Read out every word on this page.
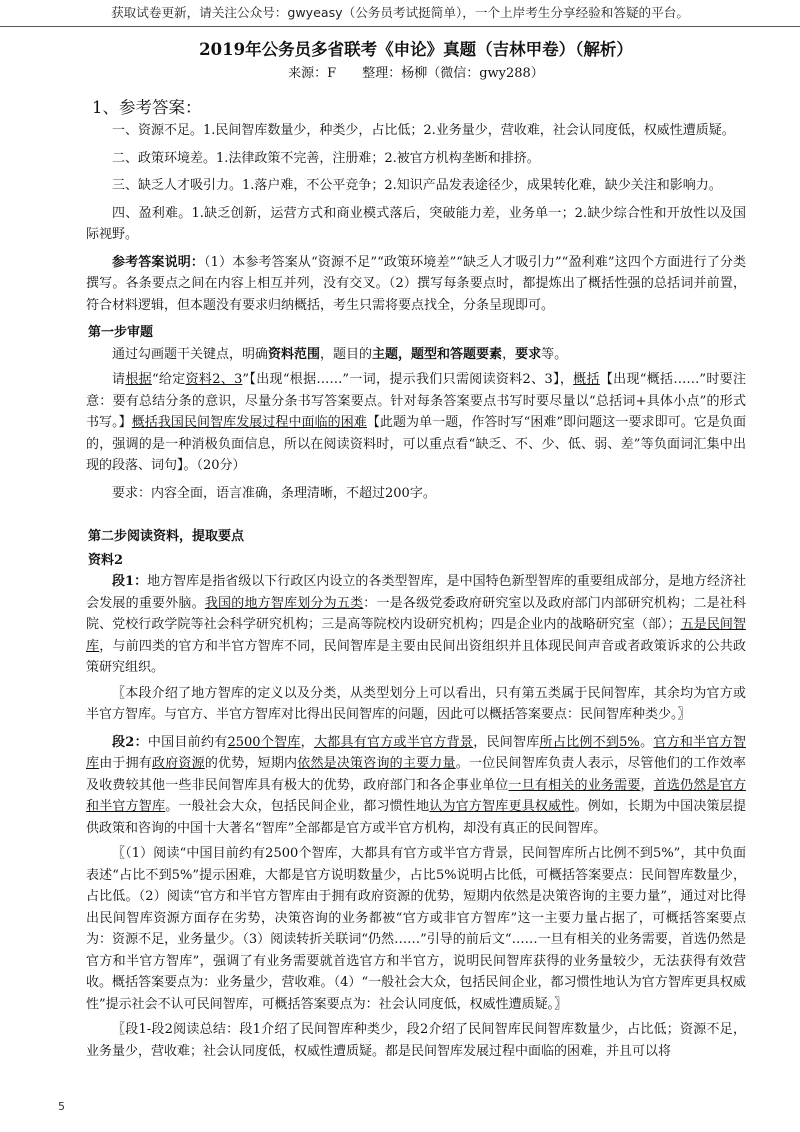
获取试卷更新，请关注公众号：gwyeasy（公务员考试挺简单），一个上岸考生分享经验和答疑的平台。
2019年公务员多省联考《申论》真题（吉林甲卷）（解析）
来源：F　　整理：杨柳（微信：gwy288）
1、参考答案：

一、资源不足。1.民间智库数量少，种类少，占比低；2.业务量少，营收难，社会认同度低，权威性遭质疑。

二、政策环境差。1.法律政策不完善，注册难；2.被官方机构垄断和排挤。

三、缺乏人才吸引力。1.落户难，不公平竞争；2.知识产品发表途径少，成果转化难，缺少关注和影响力。

四、盈利难。1.缺乏创新，运营方式和商业模式落后，突破能力差，业务单一；2.缺少综合性和开放性以及国际视野。

参考答案说明：（1）本参考答案从“资源不足”“政策环境差”“缺乏人才吸引力”“盈利难”这四个方面进行了分类撰写。各条要点之间在内容上相互并列，没有交叉。（2）撰写每条要点时，都提炼出了概括性强的总括词并前置，符合材料逻辑，但本题没有要求归纳概括，考生只需将要点找全，分条呈现即可。

第一步审题

通过勾画题干关键点，明确资料范围，题目的主题，题型和答题要素，要求等。

请根据“给定资料2、3”【出现“根据……”一词，提示我们只需阅读资料2、3】，概括【出现“概括……”时要注意：要有总结分条的意识，尽量分条书写答案要点。针对每条答案要点书写时要尽量以“总括词+具体小点”的形式书写。】概括我国民间智库发展过程中面临的困难【此题为单一题，作答时写“困难”即问题这一要求即可。它是负面的，强调的是一种消极负面信息，所以在阅读资料时，可以重点看“缺乏、不、少、低、弱、差”等负面词汇集中出现的段落、词句】。（20分）

要求：内容全面，语言准确，条理清晰，不超过200字。

第二步阅读资料，提取要点
资料2

段1：地方智库是指省级以下行政区内设立的各类型智库，是中国特色新型智库的重要组成部分，是地方经济社会发展的重要外脑。我国的地方智库划分为五类：一是各级党委政府研究室以及政府部门内部研究机构；二是社科院、党校行政学院等社会科学研究机构；三是高等院校内设研究机构；四是企业内的战略研究室（部）；五是民间智库，与前四类的官方和半官方智库不同，民间智库是主要由民间出资组织并且体现民间声音或者政策诉求的公共政策研究组织。

〖本段介绍了地方智库的定义以及分类，从类型划分上可以看出，只有第五类属于民间智库，其余均为官方或半官方智库。与官方、半官方智库对比得出民间智库的问题，因此可以概括答案要点：民间智库种类少。〗

段2：中国目前约有2500个智库，大都具有官方或半官方背景，民间智库所占比例不到5%。官方和半官方智库由于拥有政府资源的优势，短期内依然是决策咨询的主要力量。一位民间智库负责人表示，尽管他们的工作效率及收费较其他一些非民间智库具有极大的优势，政府部门和各企事业单位一旦有相关的业务需要，首选仍然是官方和半官方智库。一般社会大众，包括民间企业，都习惯性地认为官方智库更具权威性。例如，长期为中国决策层提供政策和咨询的中国十大著名“智库”全部都是官方或半官方机构，却没有真正的民间智库。

〖（1）阅读“中国目前约有2500个智库，大都具有官方或半官方背景，民间智库所占比例不到5%”，其中负面表述“占比不到5%”提示困难，大都是官方说明数量少，占比5%说明占比低，可概括答案要点：民间智库数量少，占比低。（2）阅读“官方和半官方智库由于拥有政府资源的优势，短期内依然是决策咨询的主要力量”，通过对比得出民间智库资源方面存在劣势，决策咨询的业务都被“官方或非官方智库”这一主要力量占据了，可概括答案要点为：资源不足，业务量少。（3）阅读转折关联词“仍然……”引导的前后文“……一旦有相关的业务需要，首选仍然是官方和半官方智库”，强调了有业务需要就首选官方和半官方，说明民间智库获得的业务量较少，无法获得有效营收。概括答案要点为：业务量少，营收难。（4）“一般社会大众，包括民间企业，都习惯性地认为官方智库更具权威性”提示社会不认可民间智库，可概括答案要点为：社会认同度低，权威性遭质疑。〗

〖段1-段2阅读总结：段1介绍了民间智库种类少，段2介绍了民间智库民间智库数量少，占比低；资源不足，业务量少，营收难；社会认同度低，权威性遭质疑。都是民间智库发展过程中面临的困难，并且可以将

5
